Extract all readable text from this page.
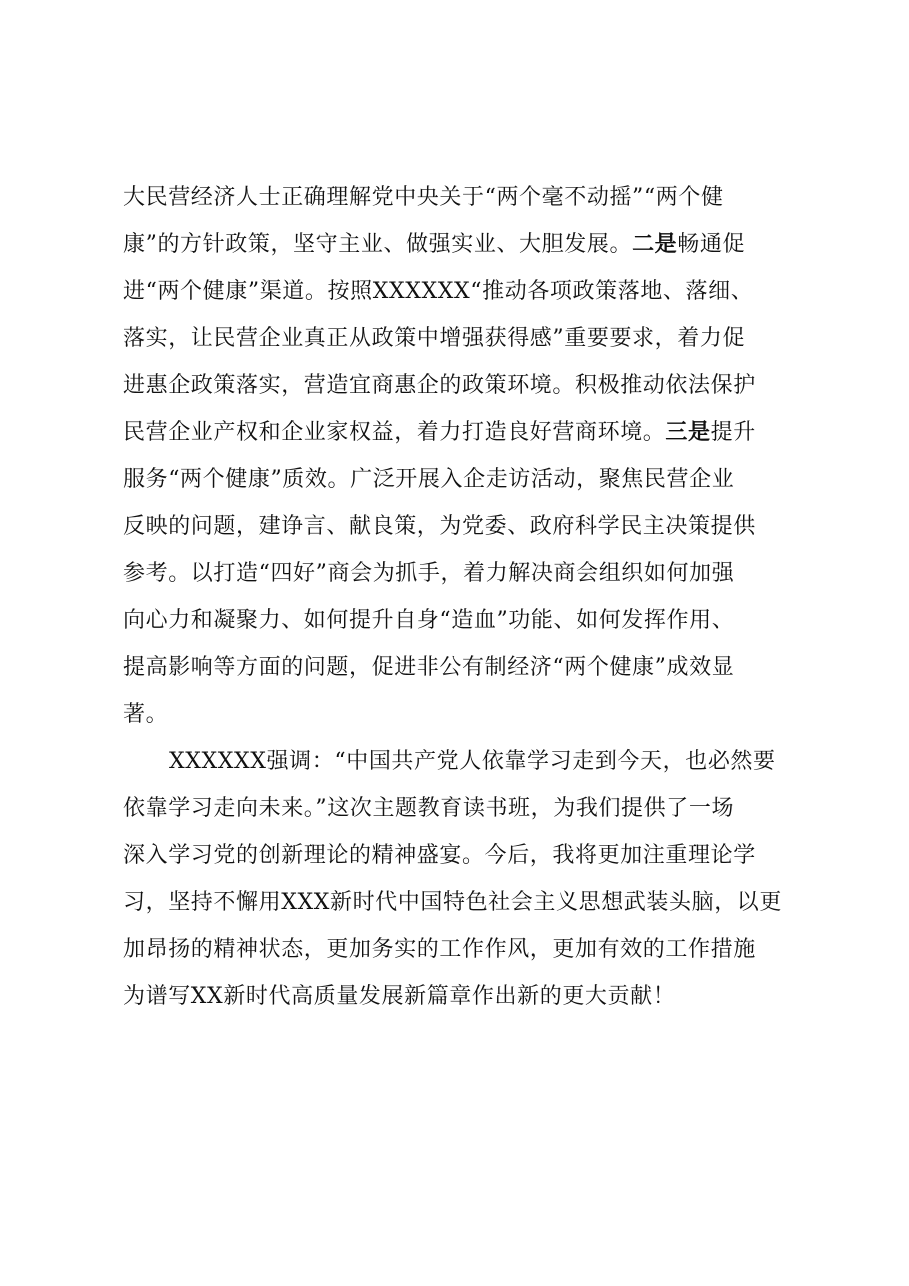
大民营经济人士正确理解党中央关于“两个毫不动摇”“两个健
康”的方针政策，坚守主业、做强实业、大胆发展。二是畅通促
进“两个健康”渠道。按照XXXXXX“推动各项政策落地、落细、
落实，让民营企业真正从政策中增强获得感”重要要求，着力促
进惠企政策落实，营造宜商惠企的政策环境。积极推动依法保护
民营企业产权和企业家权益，着力打造良好营商环境。三是提升
服务“两个健康”质效。广泛开展入企走访活动，聚焦民营企业
反映的问题，建诤言、献良策，为党委、政府科学民主决策提供
参考。以打造“四好”商会为抓手，着力解决商会组织如何加强
向心力和凝聚力、如何提升自身“造血”功能、如何发挥作用、
提高影响等方面的问题，促进非公有制经济“两个健康”成效显
著。
XXXXXX强调：“中国共产党人依靠学习走到今天，也必然要
依靠学习走向未来。”这次主题教育读书班，为我们提供了一场
深入学习党的创新理论的精神盛宴。今后，我将更加注重理论学
习，坚持不懈用XXX新时代中国特色社会主义思想武装头脑，以更
加昂扬的精神状态，更加务实的工作作风，更加有效的工作措施
为谱写XX新时代高质量发展新篇章作出新的更大贡献！
